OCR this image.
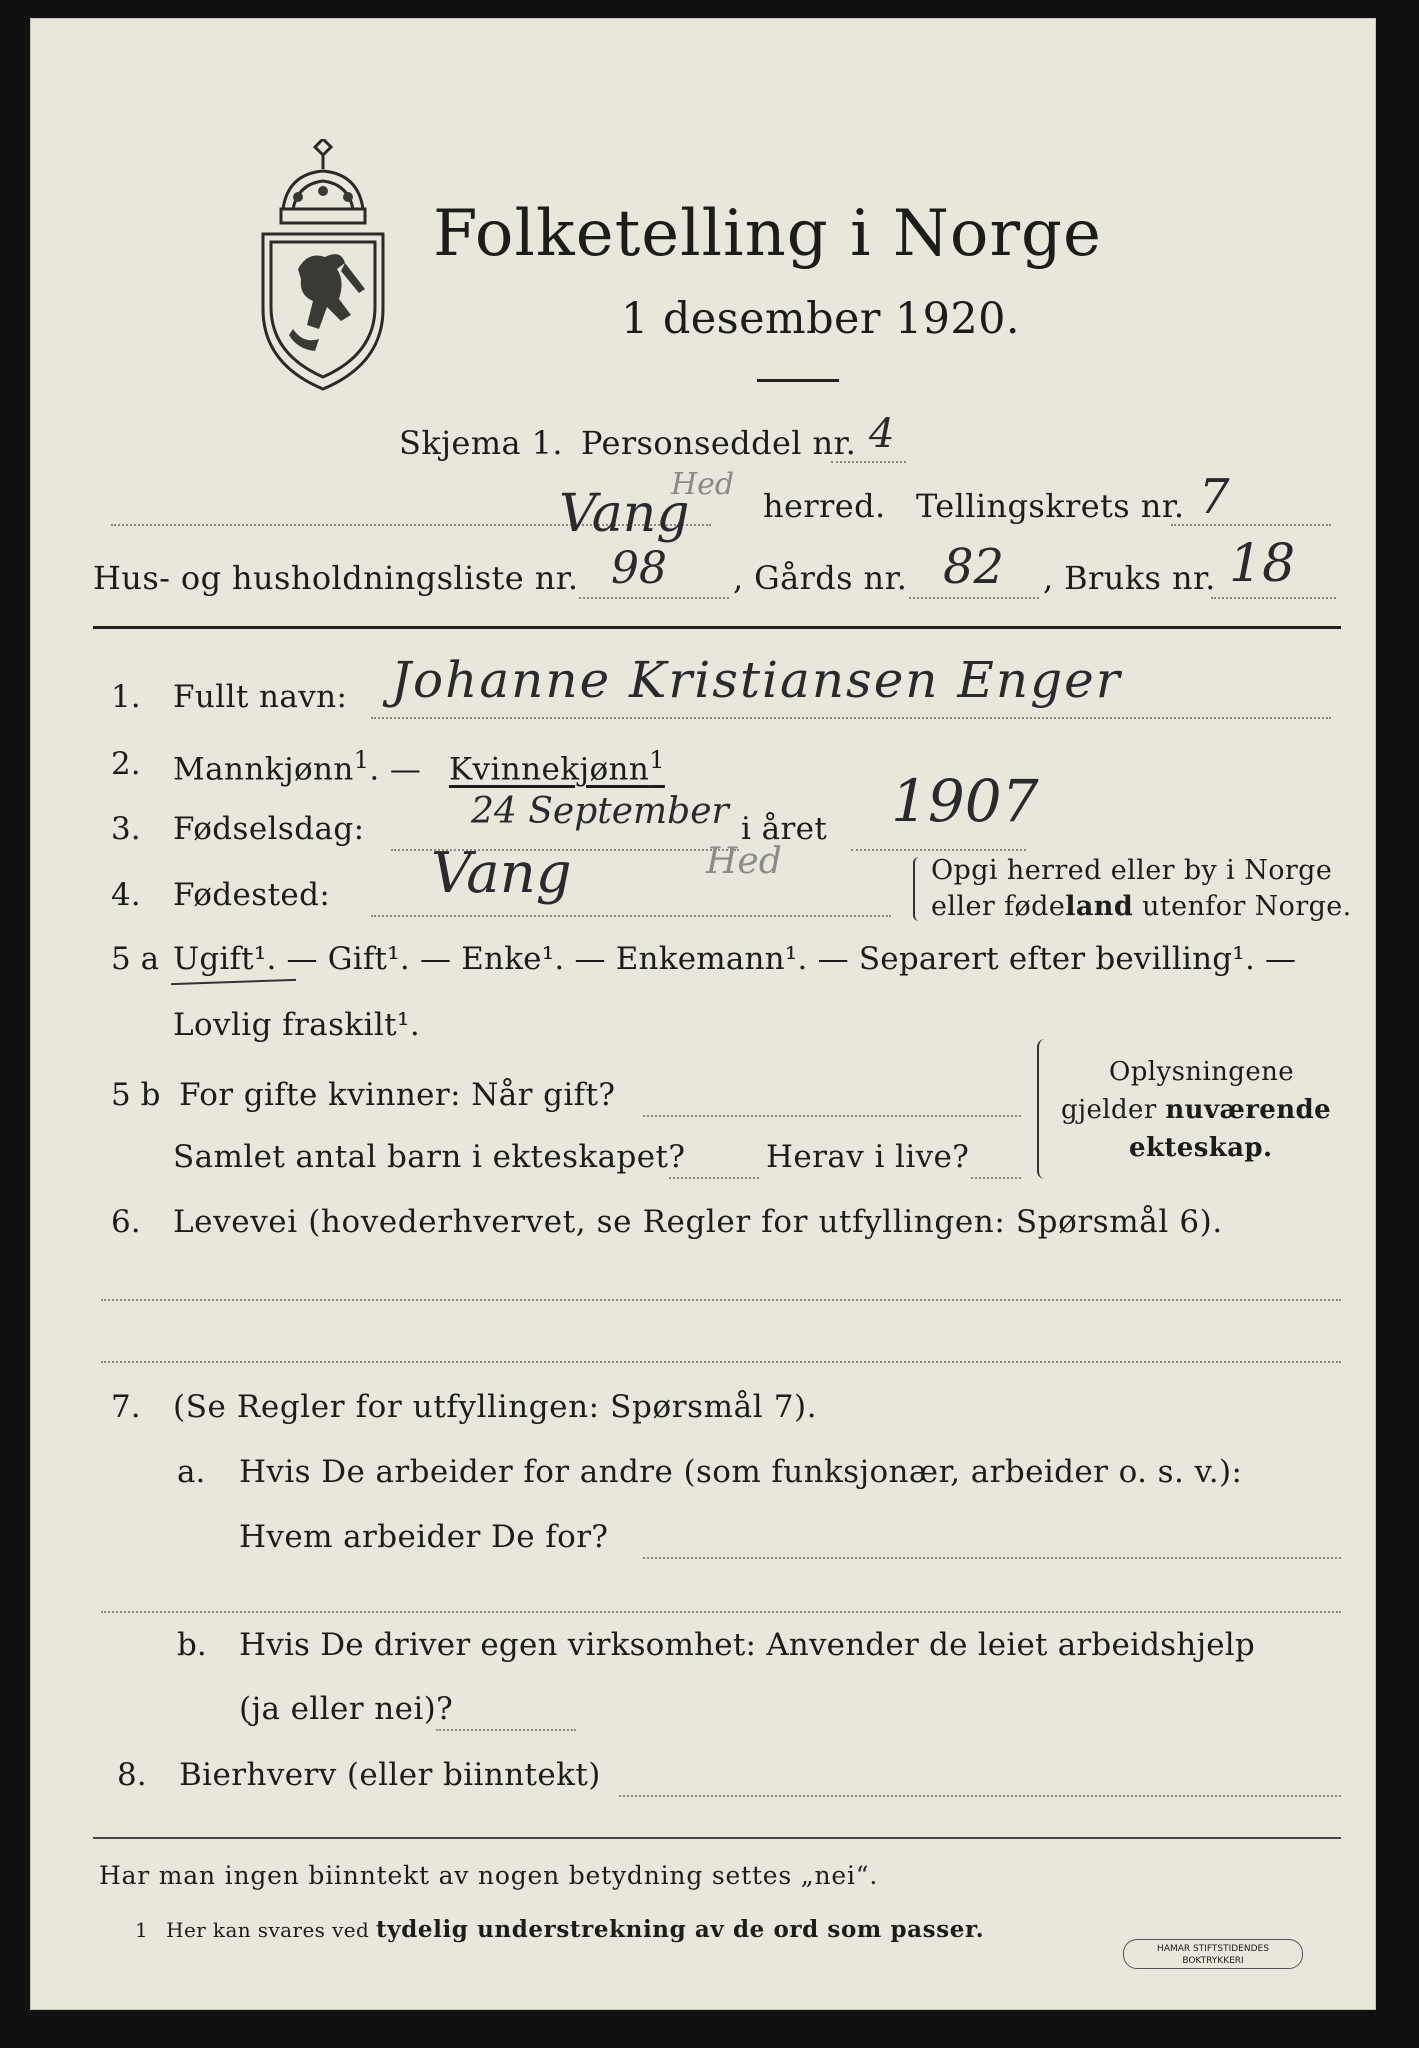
Folketelling i Norge
1 desember 1920.
Skjema 1. Personseddel nr. 4
Vang
Hed
herred. Tellingskrets nr. 7
Hus- og husholdningsliste nr. 98 , Gårds nr. 82 , Bruks nr. 18
1. Fullt navn: Johanne Kristiansen Enger
2. Mannkjønn$^1$. — Kvinnekjønn$^1$
3. Fødselsdag:	24 September i året 1907
4. Fødested: Vang	Hed	Opgi herred eller by i Norge
eller fødeland utenfor Norge.
5 a Ugift¹. — Gift¹. — Enke¹. — Enkemann¹. — Separert efter bevilling¹. —
Lovlig fraskilt¹.
5 b For gifte kvinner: Når gift?
Samlet antal barn i ekteskapet?	Herav i live?
Oplysningene
gjelder nuværende
ekteskap.
6. Levevei (hovederhvervet, se Regler for utfyllingen: Spørsmål 6).
7. (Se Regler for utfyllingen: Spørsmål 7).
a. Hvis De arbeider for andre (som funksjonær, arbeider o. s. v.):
Hvem arbeider De for?
b. Hvis De driver egen virksomhet: Anvender de leiet arbeidshjelp
(ja eller nei)?
8. Bierhverv (eller biinntekt)
Har man ingen biinntekt av nogen betydning settes „nei“.
1 Her kan svares ved tydelig understrekning av de ord som passer.
HAMAR STIFTSTIDENDES
BOKTRYKKERI
